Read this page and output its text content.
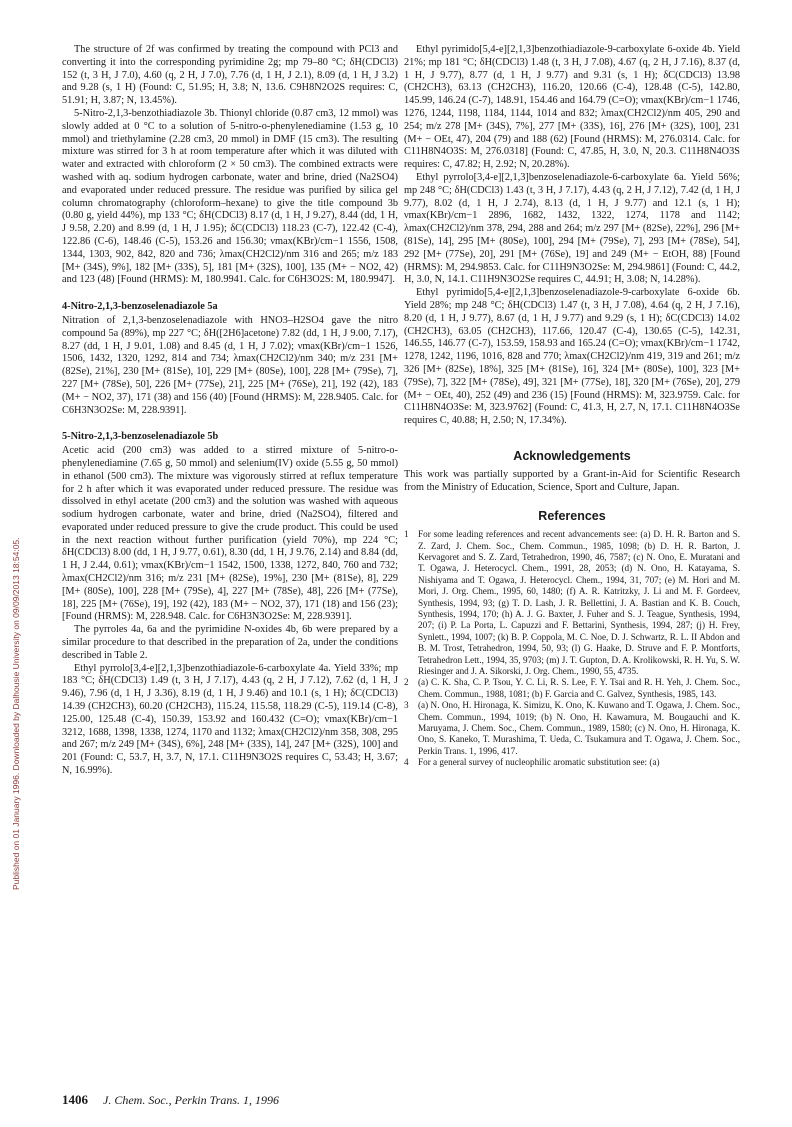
Published on 01 January 1996. Downloaded by Dalhousie University on 09/09/2013 18:54:05.

The structure of 2f was confirmed by treating the compound with PCl3 and converting it into the corresponding pyrimidine 2g; mp 79–80 °C; δH(CDCl3) 152 (t, 3 H, J 7.0), 4.60 (q, 2 H, J 7.0), 7.76 (d, 1 H, J 2.1), 8.09 (d, 1 H, J 3.2) and 9.28 (s, 1 H) (Found: C, 51.95; H, 3.8; N, 13.6. C9H8N2O2S requires: C, 51.91; H, 3.87; N, 13.45%).

5-Nitro-2,1,3-benzothiadiazole 3b. Thionyl chloride (0.87 cm3, 12 mmol) was slowly added at 0 °C to a solution of 5-nitro-o-phenylenediamine (1.53 g, 10 mmol) and triethylamine (2.28 cm3, 20 mmol) in DMF (15 cm3). The resulting mixture was stirred for 3 h at room temperature after which it was diluted with water and extracted with chloroform (2 × 50 cm3). The combined extracts were washed with aq. sodium hydrogen carbonate, water and brine, dried (Na2SO4) and evaporated under reduced pressure. The residue was purified by silica gel column chromatography (chloroform–hexane) to give the title compound 3b (0.80 g, yield 44%), mp 133 °C; δH(CDCl3) 8.17 (d, 1 H, J 9.27), 8.44 (dd, 1 H, J 9.58, 2.20) and 8.99 (d, 1 H, J 1.95); δC(CDCl3) 118.23 (C-7), 122.42 (C-4), 122.86 (C-6), 148.46 (C-5), 153.26 and 156.30; νmax(KBr)/cm−1 1556, 1508, 1344, 1303, 902, 842, 820 and 736; λmax(CH2Cl2)/nm 316 and 265; m/z 183 [M+ (34S), 9%], 182 [M+ (33S), 5], 181 [M+ (32S), 100], 135 (M+ − NO2, 42) and 123 (48) [Found (HRMS): M, 180.9941. Calc. for C6H3O2S: M, 180.9947].

4-Nitro-2,1,3-benzoselenadiazole 5a

Nitration of 2,1,3-benzoselenadiazole with HNO3–H2SO4 gave the nitro compound 5a (89%), mp 227 °C; δH([2H6]acetone) 7.82 (dd, 1 H, J 9.00, 7.17), 8.27 (dd, 1 H, J 9.01, 1.08) and 8.45 (d, 1 H, J 7.02); νmax(KBr)/cm−1 1526, 1506, 1432, 1320, 1292, 814 and 734; λmax(CH2Cl2)/nm 340; m/z 231 [M+ (82Se), 21%], 230 [M+ (81Se), 10], 229 [M+ (80Se), 100], 228 [M+ (79Se), 7], 227 [M+ (78Se), 50], 226 [M+ (77Se), 21], 225 [M+ (76Se), 21], 192 (42), 183 (M+ − NO2, 37), 171 (38) and 156 (40) [Found (HRMS): M, 228.9405. Calc. for C6H3N3O2Se: M, 228.9391].

5-Nitro-2,1,3-benzoselenadiazole 5b

Acetic acid (200 cm3) was added to a stirred mixture of 5-nitro-o-phenylenediamine (7.65 g, 50 mmol) and selenium(IV) oxide (5.55 g, 50 mmol) in ethanol (500 cm3). The mixture was vigorously stirred at reflux temperature for 2 h after which it was evaporated under reduced pressure. The residue was dissolved in ethyl acetate (200 cm3) and the solution was washed with aqueous sodium hydrogen carbonate, water and brine, dried (Na2SO4), filtered and evaporated under reduced pressure to give the crude product. This could be used in the next reaction without further purification (yield 70%), mp 224 °C; δH(CDCl3) 8.00 (dd, 1 H, J 9.77, 0.61), 8.30 (dd, 1 H, J 9.76, 2.14) and 8.84 (dd, 1 H, J 2.44, 0.61); νmax(KBr)/cm−1 1542, 1500, 1338, 1272, 840, 760 and 732; λmax(CH2Cl2)/nm 316; m/z 231 [M+ (82Se), 19%], 230 [M+ (81Se), 8], 229 [M+ (80Se), 100], 228 [M+ (79Se), 4], 227 [M+ (78Se), 48], 226 [M+ (77Se), 18], 225 [M+ (76Se), 19], 192 (42), 183 (M+ − NO2, 37), 171 (18) and 156 (23); [Found (HRMS): M, 228.948. Calc. for C6H3N3O2Se: M, 228.9391].

The pyrroles 4a, 6a and the pyrimidine N-oxides 4b, 6b were prepared by a similar procedure to that described in the preparation of 2a, under the conditions described in Table 2.

Ethyl pyrrolo[3,4-e][2,1,3]benzothiadiazole-6-carboxylate 4a. Yield 33%; mp 183 °C; δH(CDCl3) 1.49 (t, 3 H, J 7.17), 4.43 (q, 2 H, J 7.12), 7.62 (d, 1 H, J 9.46), 7.96 (d, 1 H, J 3.36), 8.19 (d, 1 H, J 9.46) and 10.1 (s, 1 H); δC(CDCl3) 14.39 (CH2CH3), 60.20 (CH2CH3), 115.24, 115.58, 118.29 (C-5), 119.14 (C-8), 125.00, 125.48 (C-4), 150.39, 153.92 and 160.432 (C=O); νmax(KBr)/cm−1 3212, 1688, 1398, 1338, 1274, 1170 and 1132; λmax(CH2Cl2)/nm 358, 308, 295 and 267; m/z 249 [M+ (34S), 6%], 248 [M+ (33S), 14], 247 [M+ (32S), 100] and 201 (Found: C, 53.7, H, 3.7, N, 17.1. C11H9N3O2S requires C, 53.43; H, 3.67; N, 16.99%).

Ethyl pyrimido[5,4-e][2,1,3]benzothiadiazole-9-carboxylate 6-oxide 4b. Yield 21%; mp 181 °C; δH(CDCl3) 1.48 (t, 3 H, J 7.08), 4.67 (q, 2 H, J 7.16), 8.37 (d, 1 H, J 9.77), 8.77 (d, 1 H, J 9.77) and 9.31 (s, 1 H); δC(CDCl3) 13.98 (CH2CH3), 63.13 (CH2CH3), 116.20, 120.66 (C-4), 128.48 (C-5), 142.80, 145.99, 146.24 (C-7), 148.91, 154.46 and 164.79 (C=O); νmax(KBr)/cm−1 1746, 1276, 1244, 1198, 1184, 1144, 1014 and 832; λmax(CH2Cl2)/nm 405, 290 and 254; m/z 278 [M+ (34S), 7%], 277 [M+ (33S), 16], 276 [M+ (32S), 100], 231 (M+ − OEt, 47), 204 (79) and 188 (62) [Found (HRMS): M, 276.0314. Calc. for C11H8N4O3S: M, 276.0318] (Found: C, 47.85, H, 3.0, N, 20.3. C11H8N4O3S requires: C, 47.82; H, 2.92; N, 20.28%).

Ethyl pyrrolo[3,4-e][2,1,3]benzoselenadiazole-6-carboxylate 6a. Yield 56%; mp 248 °C; δH(CDCl3) 1.43 (t, 3 H, J 7.17), 4.43 (q, 2 H, J 7.12), 7.42 (d, 1 H, J 9.77), 8.02 (d, 1 H, J 2.74), 8.13 (d, 1 H, J 9.77) and 12.1 (s, 1 H); νmax(KBr)/cm−1 2896, 1682, 1432, 1322, 1274, 1178 and 1142; λmax(CH2Cl2)/nm 378, 294, 288 and 264; m/z 297 [M+ (82Se), 22%], 296 [M+ (81Se), 14], 295 [M+ (80Se), 100], 294 [M+ (79Se), 7], 293 [M+ (78Se), 54], 292 [M+ (77Se), 20], 291 [M+ (76Se), 19] and 249 (M+ − EtOH, 88) [Found (HRMS): M, 294.9853. Calc. for C11H9N3O2Se: M, 294.9861] (Found: C, 44.2, H, 3.0, N, 14.1. C11H9N3O2Se requires C, 44.91; H, 3.08; N, 14.28%).

Ethyl pyrimido[5,4-e][2,1,3]benzoselenadiazole-9-carboxylate 6-oxide 6b. Yield 28%; mp 248 °C; δH(CDCl3) 1.47 (t, 3 H, J 7.08), 4.64 (q, 2 H, J 7.16), 8.20 (d, 1 H, J 9.77), 8.67 (d, 1 H, J 9.77) and 9.29 (s, 1 H); δC(CDCl3) 14.02 (CH2CH3), 63.05 (CH2CH3), 117.66, 120.47 (C-4), 130.65 (C-5), 142.31, 146.55, 146.77 (C-7), 153.59, 158.93 and 165.24 (C=O); νmax(KBr)/cm−1 1742, 1278, 1242, 1196, 1016, 828 and 770; λmax(CH2Cl2)/nm 419, 319 and 261; m/z 326 [M+ (82Se), 18%], 325 [M+ (81Se), 16], 324 [M+ (80Se), 100], 323 [M+ (79Se), 7], 322 [M+ (78Se), 49], 321 [M+ (77Se), 18], 320 [M+ (76Se), 20], 279 (M+ − OEt, 40), 252 (49) and 236 (15) [Found (HRMS): M, 323.9759. Calc. for C11H8N4O3Se: M, 323.9762] (Found: C, 41.3, H, 2.7, N, 17.1. C11H8N4O3Se requires C, 40.88; H, 2.50; N, 17.34%).

Acknowledgements

This work was partially supported by a Grant-in-Aid for Scientific Research from the Ministry of Education, Science, Sport and Culture, Japan.

References

1	For some leading references and recent advancements see: (a) D. H. R. Barton and S. Z. Zard, J. Chem. Soc., Chem. Commun., 1985, 1098; (b) D. H. R. Barton, J. Kervagoret and S. Z. Zard, Tetrahedron, 1990, 46, 7587; (c) N. Ono, E. Muratani and T. Ogawa, J. Heterocycl. Chem., 1991, 28, 2053; (d) N. Ono, H. Katayama, S. Nishiyama and T. Ogawa, J. Heterocycl. Chem., 1994, 31, 707; (e) M. Hori and M. Mori, J. Org. Chem., 1995, 60, 1480; (f) A. R. Katritzky, J. Li and M. F. Gordeev, Synthesis, 1994, 93; (g) T. D. Lash, J. R. Bellettini, J. A. Bastian and K. B. Couch, Synthesis, 1994, 170; (h) A. J. G. Baxter, J. Fuher and S. J. Teague, Synthesis, 1994, 207; (i) P. La Porta, L. Capuzzi and F. Bettarini, Synthesis, 1994, 287; (j) H. Frey, Synlett., 1994, 1007; (k) B. P. Coppola, M. C. Noe, D. J. Schwartz, R. L. II Abdon and B. M. Trost, Tetrahedron, 1994, 50, 93; (l) G. Haake, D. Struve and F. P. Montforts, Tetrahedron Lett., 1994, 35, 9703; (m) J. T. Gupton, D. A. Krolikowski, R. H. Yu, S. W. Riesinger and J. A. Sikorski, J. Org. Chem., 1990, 55, 4735.
2	(a) C. K. Sha, C. P. Tsou, Y. C. Li, R. S. Lee, F. Y. Tsai and R. H. Yeh, J. Chem. Soc., Chem. Commun., 1988, 1081; (b) F. Garcia and C. Galvez, Synthesis, 1985, 143.
3	(a) N. Ono, H. Hironaga, K. Simizu, K. Ono, K. Kuwano and T. Ogawa, J. Chem. Soc., Chem. Commun., 1994, 1019; (b) N. Ono, H. Kawamura, M. Bougauchi and K. Maruyama, J. Chem. Soc., Chem. Commun., 1989, 1580; (c) N. Ono, H. Hironaga, K. Ono, S. Kaneko, T. Murashima, T. Ueda, C. Tsukamura and T. Ogawa, J. Chem. Soc., Perkin Trans. 1, 1996, 417.
4	For a general survey of nucleophilic aromatic substitution see: (a)
1406 J. Chem. Soc., Perkin Trans. 1, 1996
